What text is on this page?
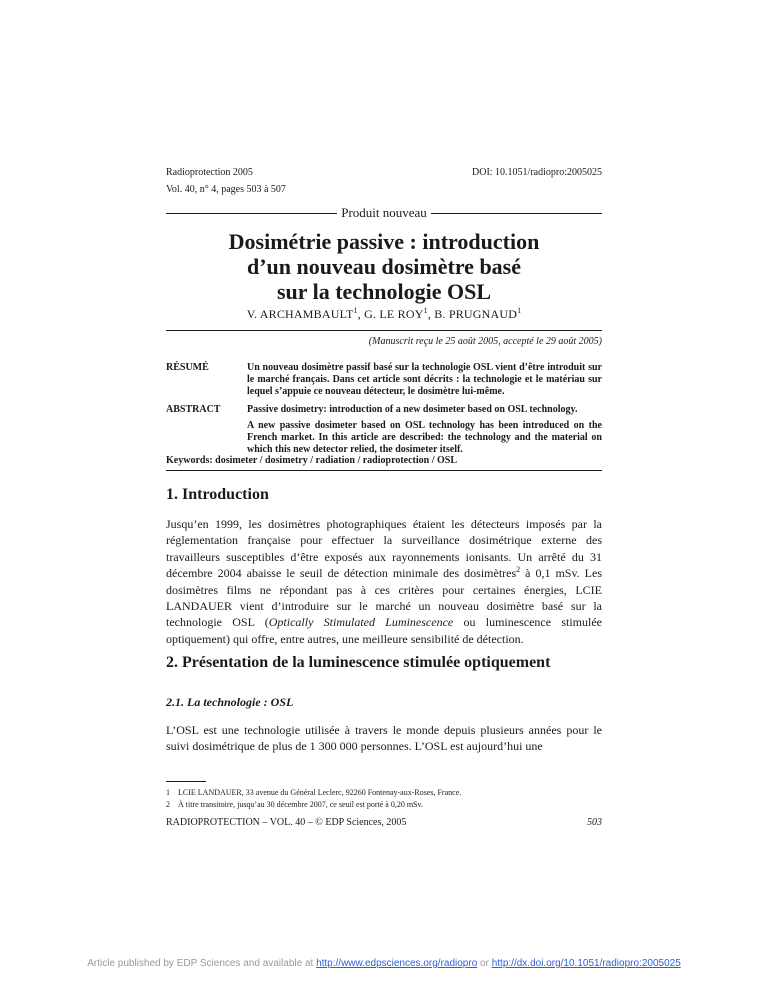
Radioprotection 2005	DOI: 10.1051/radiopro:2005025
Vol. 40, n° 4, pages 503 à 507
Produit nouveau
Dosimétrie passive : introduction
d’un nouveau dosimètre basé
sur la technologie OSL
V. ARCHAMBAULT$^1$, G. LE ROY$^1$, B. PRUGNAUD$^1$
(Manuscrit reçu le 25 août 2005, accepté le 29 août 2005)
RÉSUMÉ	Un nouveau dosimètre passif basé sur la technologie OSL vient d’être introduit sur le marché français. Dans cet article sont décrits : la technologie et le matériau sur lequel s’appuie ce nouveau détecteur, le dosimètre lui-même.
ABSTRACT	Passive dosimetry: introduction of a new dosimeter based on OSL technology.
A new passive dosimeter based on OSL technology has been introduced on the French market. In this article are described: the technology and the material on which this new detector relied, the dosimeter itself.
Keywords: dosimeter / dosimetry / radiation / radioprotection / OSL
1. Introduction
Jusqu’en 1999, les dosimètres photographiques étaient les détecteurs imposés par la réglementation française pour effectuer la surveillance dosimétrique externe des travailleurs susceptibles d’être exposés aux rayonnements ionisants. Un arrêté du 31 décembre 2004 abaisse le seuil de détection minimale des dosimètres$^2$ à 0,1 mSv. Les dosimètres films ne répondant pas à ces critères pour certaines énergies, LCIE LANDAUER vient d’introduire sur le marché un nouveau dosimètre basé sur la technologie OSL (Optically Stimulated Luminescence ou luminescence stimulée optiquement) qui offre, entre autres, une meilleure sensibilité de détection.
2. Présentation de la luminescence stimulée optiquement
2.1. La technologie : OSL
L’OSL est une technologie utilisée à travers le monde depuis plusieurs années pour le suivi dosimétrique de plus de 1 300 000 personnes. L’OSL est aujourd’hui une
1 LCIE LANDAUER, 33 avenue du Général Leclerc, 92260 Fontenay-aux-Roses, France.
2 À titre transitoire, jusqu’au 30 décembre 2007, ce seuil est porté à 0,20 mSv.
RADIOPROTECTION – VOL. 40 – © EDP Sciences, 2005	503
Article published by EDP Sciences and available at http://www.edpsciences.org/radiopro or http://dx.doi.org/10.1051/radiopro:2005025
